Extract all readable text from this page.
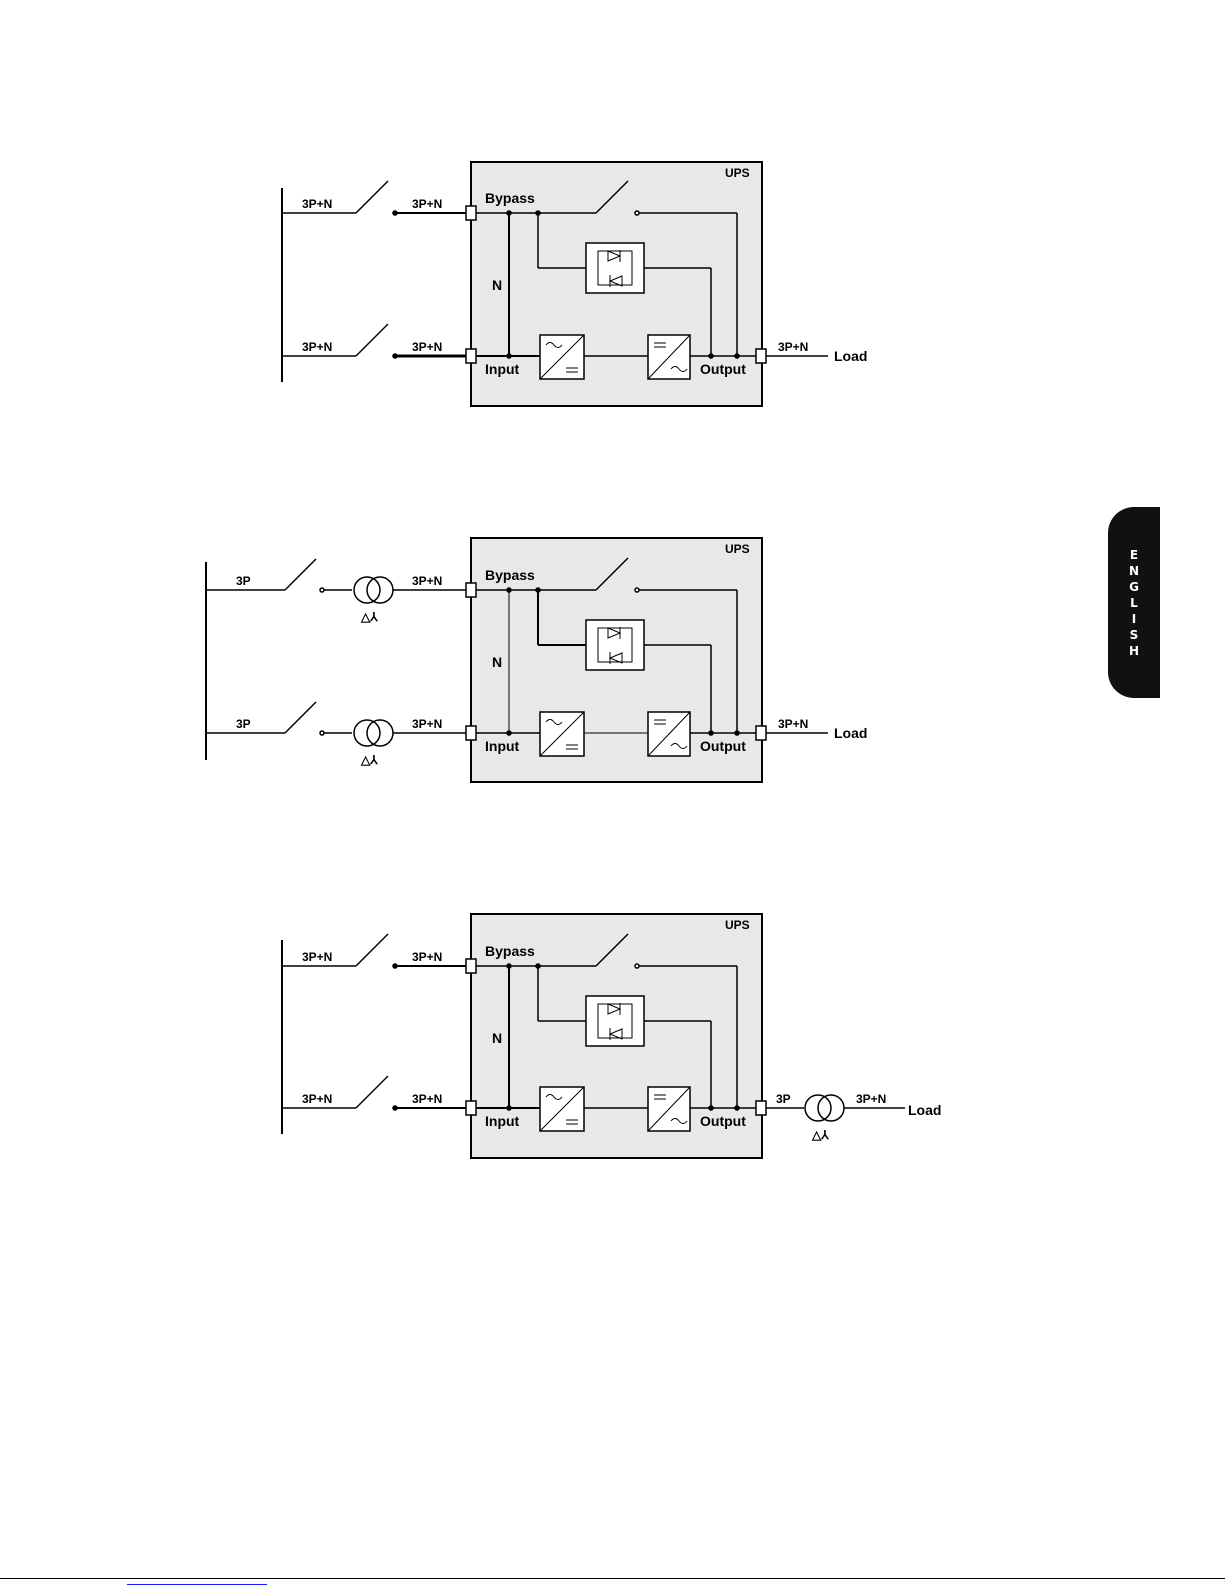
UPS
Bypass
N
Input	Output
3P+N	3P+N
3P+N	3P+N	3P+N
Load
UPS
Bypass
N
Input	Output
3P	3P+N
3P	3P+N	3P+N
Load
△⅄
△⅄
UPS
Bypass
N
Input	Output
3P+N	3P+N
3P+N	3P+N	3P	3P+N
Load
△⅄
E
N
G
L
I
S
H
